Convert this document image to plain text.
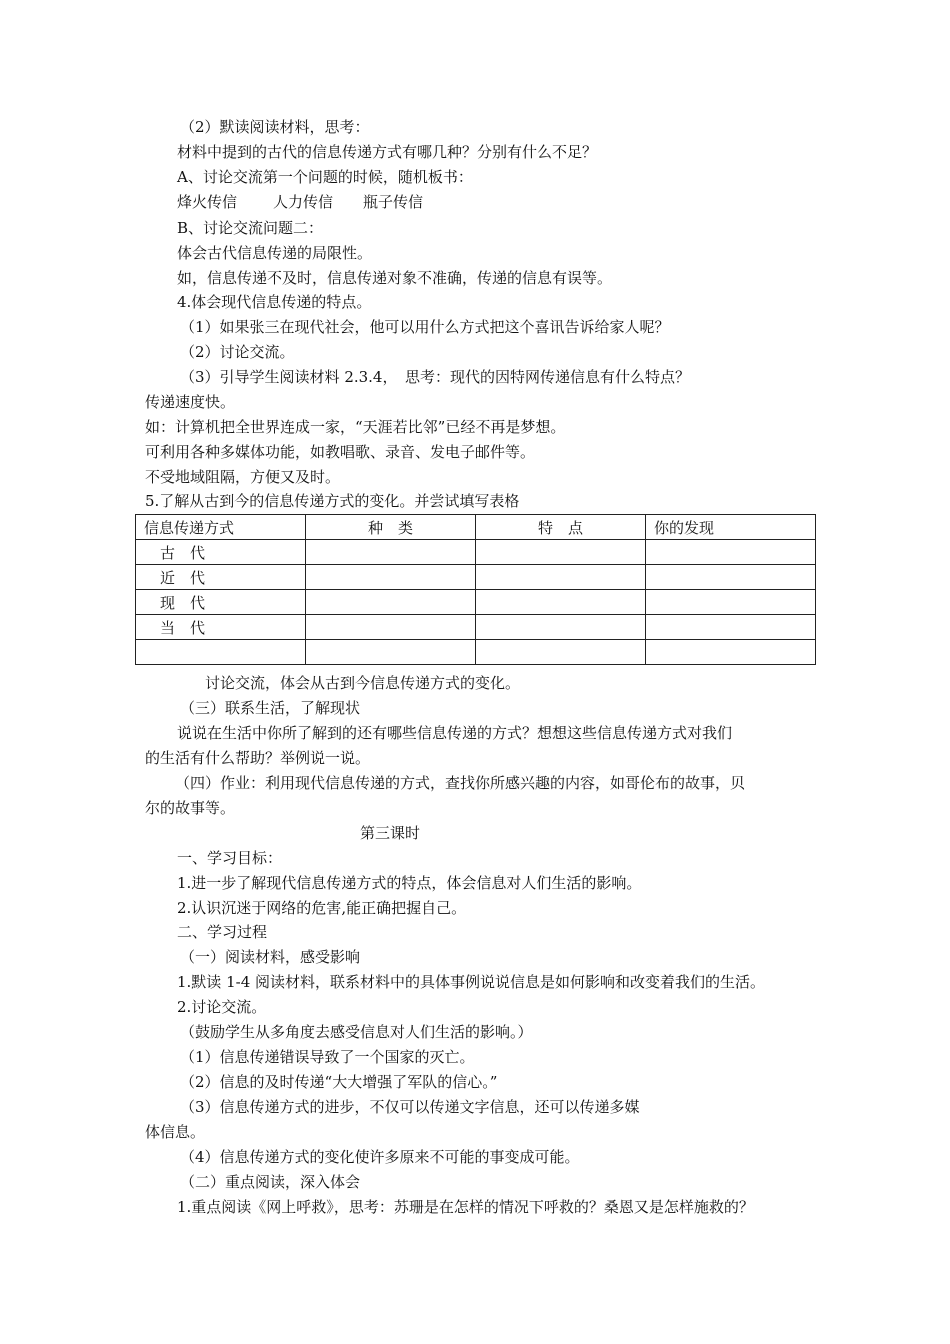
（2）默读阅读材料，思考：
材料中提到的古代的信息传递方式有哪几种？分别有什么不足？
A、讨论交流第一个问题的时候，随机板书：
烽火传信 人力传信 瓶子传信
B、讨论交流问题二：
体会古代信息传递的局限性。
如，信息传递不及时，信息传递对象不准确，传递的信息有误等。
4.体会现代信息传递的特点。
（1）如果张三在现代社会，他可以用什么方式把这个喜讯告诉给家人呢？
（2）讨论交流。
（3）引导学生阅读材料 2.3.4，　思考：现代的因特网传递信息有什么特点？
传递速度快。
如：计算机把全世界连成一家，“天涯若比邻”已经不再是梦想。
可利用各种多媒体功能，如教唱歌、录音、发电子邮件等。
不受地域阻隔，方便又及时。
5.了解从古到今的信息传递方式的变化。并尝试填写表格
信息传递方式	种　类	特　点	你的发现
古　代			
近　代			
现　代			
当　代			

讨论交流，体会从古到今信息传递方式的变化。
（三）联系生活，了解现状
说说在生活中你所了解到的还有哪些信息传递的方式？想想这些信息传递方式对我们
的生活有什么帮助？举例说一说。
（四）作业：利用现代信息传递的方式，查找你所感兴趣的内容，如哥伦布的故事，贝
尔的故事等。
第三课时
一、学习目标：
1.进一步了解现代信息传递方式的特点，体会信息对人们生活的影响。
2.认识沉迷于网络的危害,能正确把握自己。
二、学习过程
（一）阅读材料，感受影响
1.默读 1-4 阅读材料，联系材料中的具体事例说说信息是如何影响和改变着我们的生活。
2.讨论交流。
（鼓励学生从多角度去感受信息对人们生活的影响。）
（1）信息传递错误导致了一个国家的灭亡。
（2）信息的及时传递“大大增强了军队的信心。”
（3）信息传递方式的进步，不仅可以传递文字信息，还可以传递多媒
体信息。
（4）信息传递方式的变化使许多原来不可能的事变成可能。
（二）重点阅读，深入体会
1.重点阅读《网上呼救》，思考：苏珊是在怎样的情况下呼救的？桑恩又是怎样施救的？
